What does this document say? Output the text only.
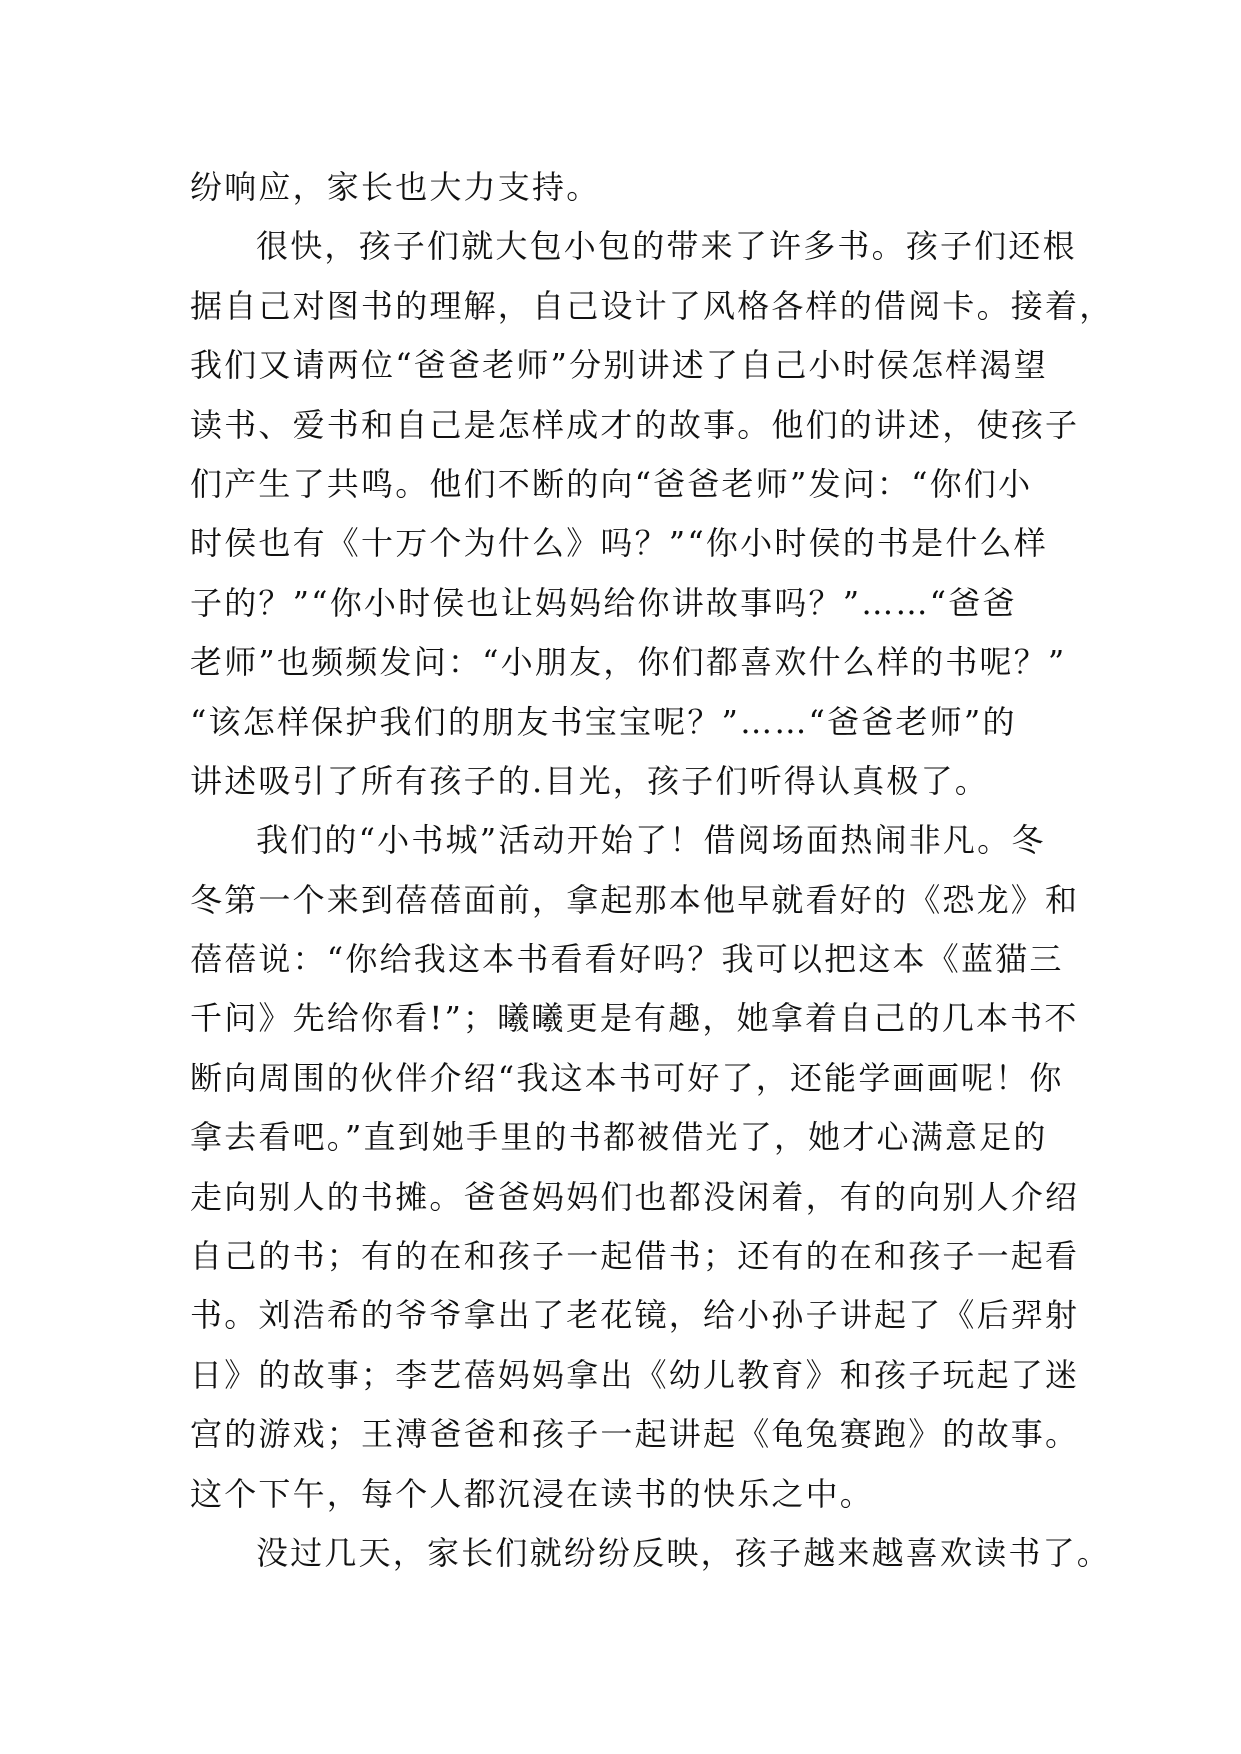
纷响应，家长也大力支持。
很快，孩子们就大包小包的带来了许多书。孩子们还根
据自己对图书的理解，自己设计了风格各样的借阅卡。接着，
我们又请两位“爸爸老师”分别讲述了自己小时侯怎样渴望
读书、爱书和自己是怎样成才的故事。他们的讲述，使孩子
们产生了共鸣。他们不断的向“爸爸老师”发问：“你们小
时侯也有《十万个为什么》吗？”“你小时侯的书是什么样
子的？”“你小时侯也让妈妈给你讲故事吗？”……“爸爸
老师”也频频发问：“小朋友，你们都喜欢什么样的书呢？”
“该怎样保护我们的朋友书宝宝呢？”……“爸爸老师”的
讲述吸引了所有孩子的.目光，孩子们听得认真极了。
我们的“小书城”活动开始了！借阅场面热闹非凡。冬
冬第一个来到蓓蓓面前，拿起那本他早就看好的《恐龙》和
蓓蓓说：“你给我这本书看看好吗？我可以把这本《蓝猫三
千问》先给你看!”；曦曦更是有趣，她拿着自己的几本书不
断向周围的伙伴介绍“我这本书可好了，还能学画画呢！你
拿去看吧。”直到她手里的书都被借光了，她才心满意足的
走向别人的书摊。爸爸妈妈们也都没闲着，有的向别人介绍
自己的书；有的在和孩子一起借书；还有的在和孩子一起看
书。刘浩希的爷爷拿出了老花镜，给小孙子讲起了《后羿射
日》的故事；李艺蓓妈妈拿出《幼儿教育》和孩子玩起了迷
宫的游戏；王溥爸爸和孩子一起讲起《龟兔赛跑》的故事。
这个下午，每个人都沉浸在读书的快乐之中。
没过几天，家长们就纷纷反映，孩子越来越喜欢读书了。
